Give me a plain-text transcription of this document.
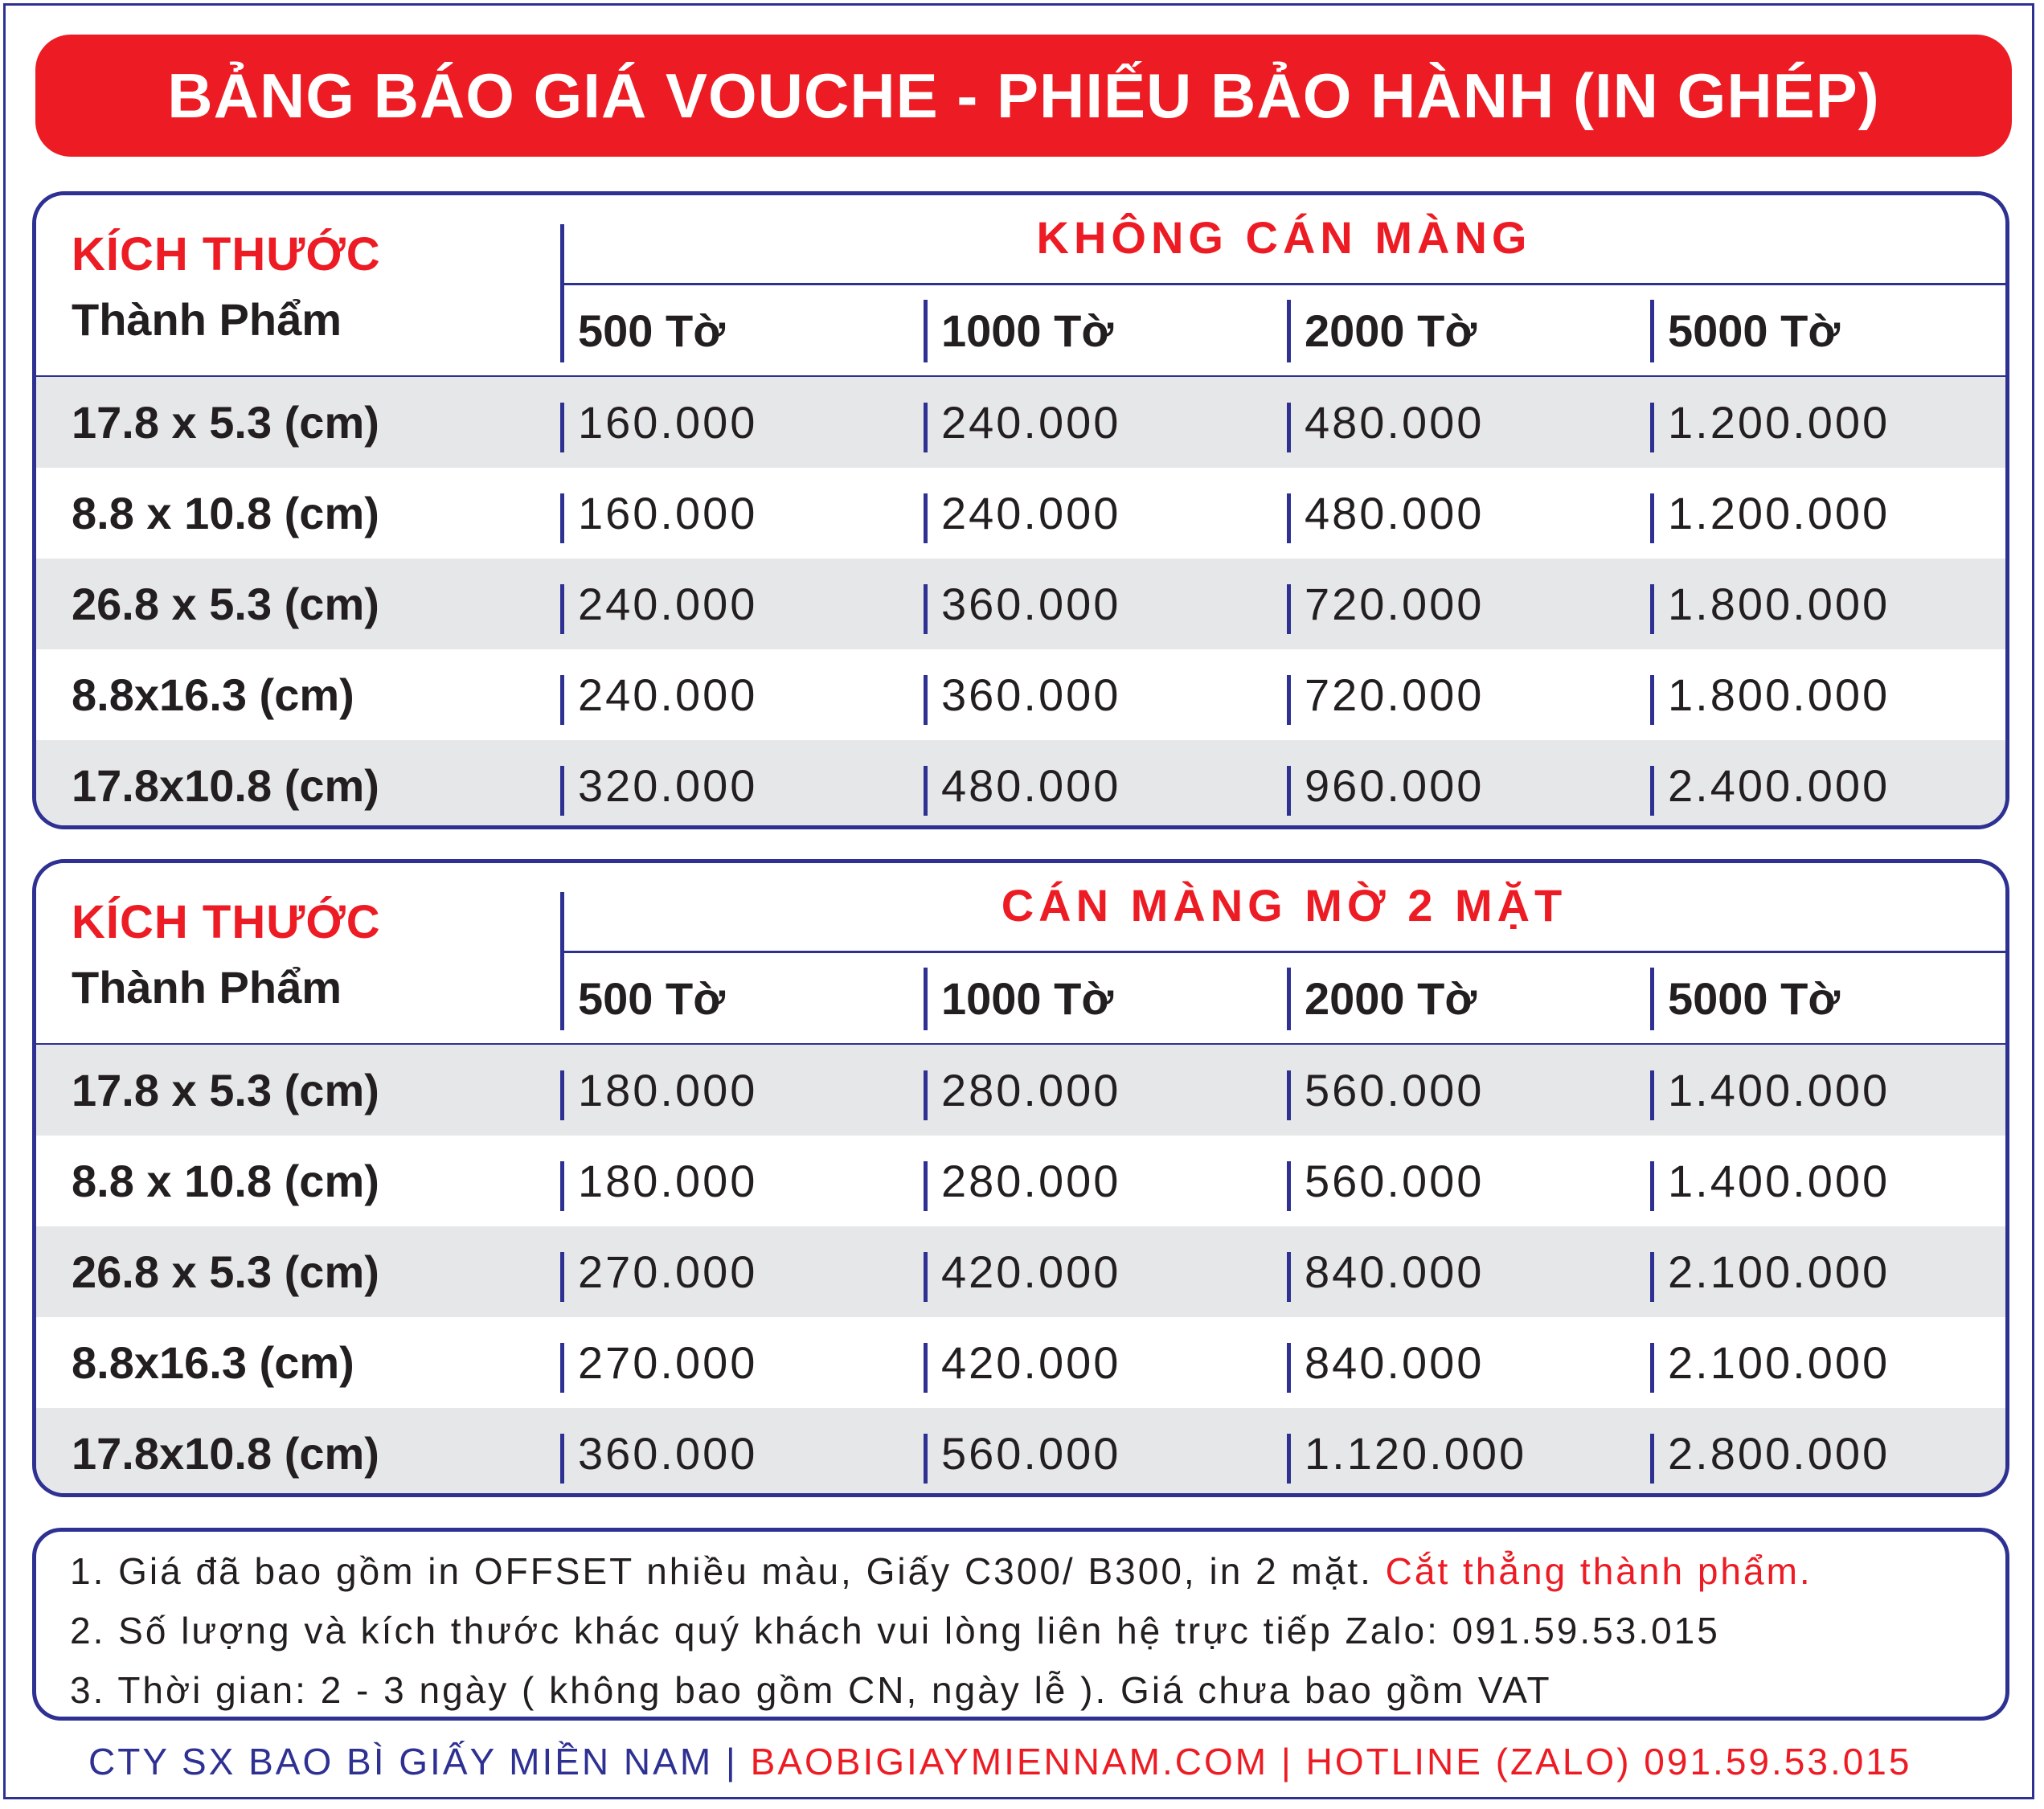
BẢNG BÁO GIÁ VOUCHE - PHIẾU BẢO HÀNH (IN GHÉP)
KÍCH THƯỚC
Thành Phẩm
KHÔNG CÁN MÀNG
500 Tờ	1000 Tờ	2000 Tờ	5000 Tờ
17.8 x 5.3 (cm)	160.000	240.000	480.000	1.200.000
8.8 x 10.8 (cm)	160.000	240.000	480.000	1.200.000
26.8 x 5.3 (cm)	240.000	360.000	720.000	1.800.000
8.8x16.3 (cm)	240.000	360.000	720.000	1.800.000
17.8x10.8 (cm)	320.000	480.000	960.000	2.400.000
KÍCH THƯỚC
Thành Phẩm
CÁN MÀNG MỜ 2 MẶT
500 Tờ	1000 Tờ	2000 Tờ	5000 Tờ
17.8 x 5.3 (cm)	180.000	280.000	560.000	1.400.000
8.8 x 10.8 (cm)	180.000	280.000	560.000	1.400.000
26.8 x 5.3 (cm)	270.000	420.000	840.000	2.100.000
8.8x16.3 (cm)	270.000	420.000	840.000	2.100.000
17.8x10.8 (cm)	360.000	560.000	1.120.000	2.800.000
1. Giá đã bao gồm in OFFSET nhiều màu, Giấy C300/ B300, in 2 mặt. Cắt thẳng thành phẩm.
2. Số lượng và kích thước khác quý khách vui lòng liên hệ trực tiếp Zalo: 091.59.53.015
3. Thời gian: 2 - 3 ngày ( không bao gồm CN, ngày lễ ). Giá chưa bao gồm VAT
CTY SX BAO BÌ GIẤY MIỀN NAM | BAOBIGIAYMIENNAM.COM | HOTLINE (ZALO) 091.59.53.015
